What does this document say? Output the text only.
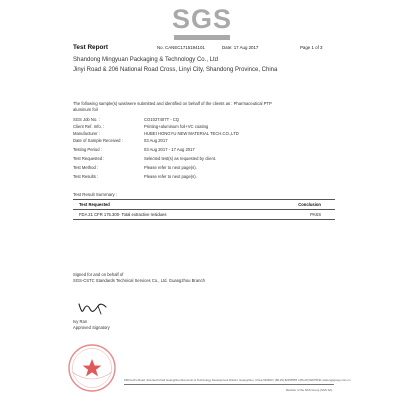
SGS
Test Report	No. CANEC1715194101	Date: 17 Aug 2017	Page 1 of 3
Shandong Mingyuan Packaging & Technology Co., Ltd
Jinyi Road & 206 National Road Cross, Linyi City, Shandong Province, China
The following sample(s) was/were submitted and identified on behalf of the clients as : Pharmaceutical PTP
aluminum foil
SGS Job No. :	CO1027407T - CQ
Client Ref. Info. :	Printing+aluminum foil+VC coating
Manufacturer :	HUBEI HONGYU NEW MATERIAL TECH.CO.,LTD
Date of Sample Received :	03 Aug 2017
Testing Period :	03 Aug 2017 - 17 Aug 2017
Test Requested :	Selected test(s) as requested by client.
Test Method :	Please refer to next page(s).
Test Results :	Please refer to next page(s).
Test Result Summary :
Test Requested	Conclusion
FDA 21 CFR 175.300- Total extractive residues	PASS
Signed for and on behalf of
SGS-CSTC Standards Technical Services Co., Ltd. Guangzhou Branch
Ivy Ran
Approved Signatory
198 Kezhu Road, Scientech Park Guangzhou Economic & Technology Development District, Guangzhou, China 510663 t (86-20) 82155555 f (86-20) 82075191 www.sgsgroup.com.cn
Member of the SGS Group (SGS SA)
